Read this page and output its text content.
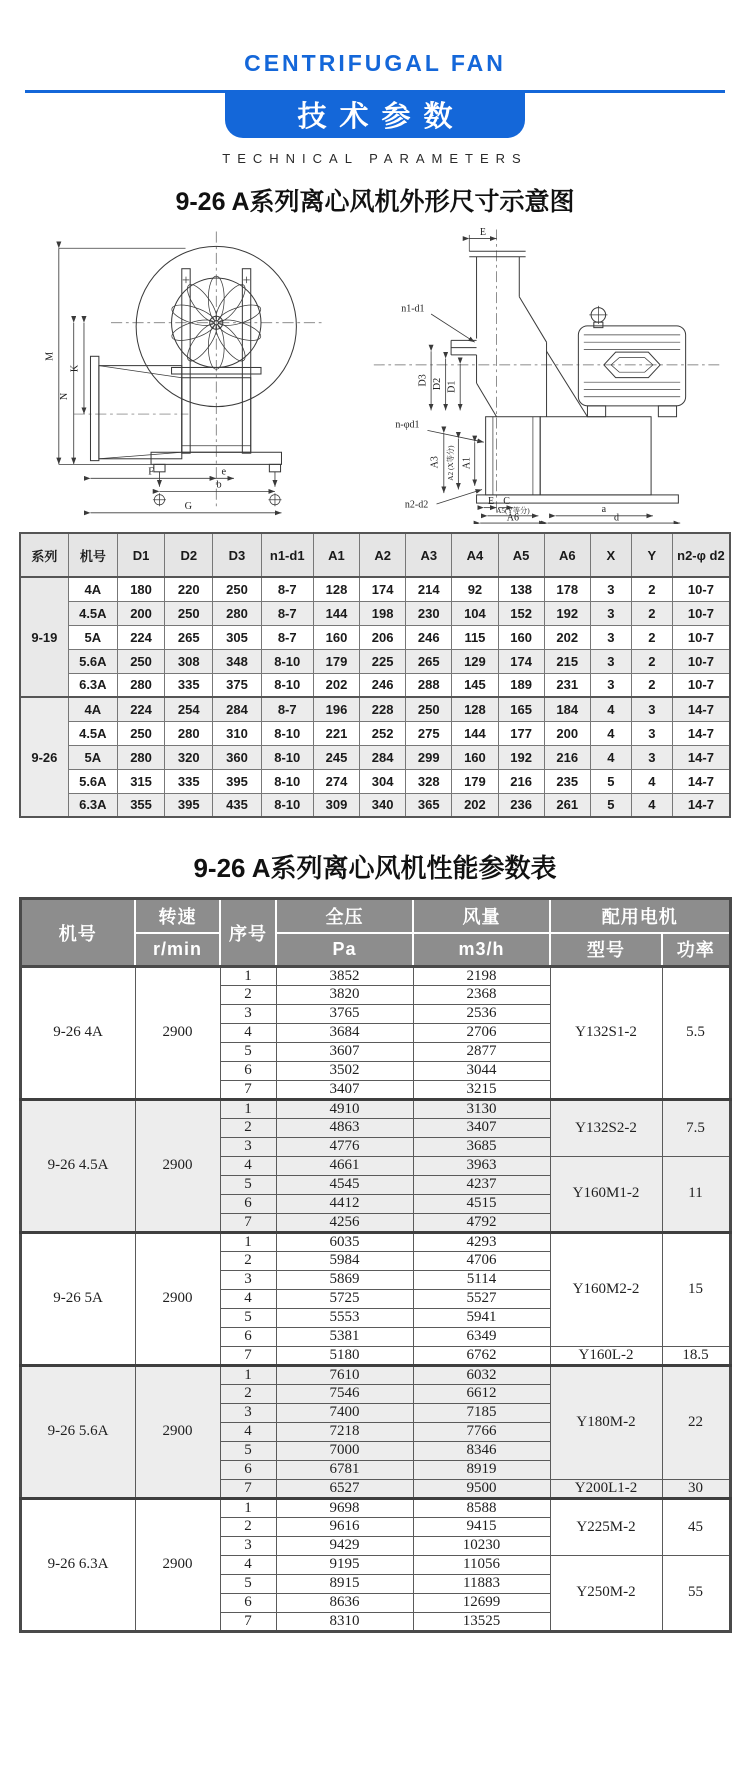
CENTRIFUGAL FAN
技术参数
TECHNICAL PARAMETERS
9-26 A系列离心风机外形尺寸示意图
M
N
K
F	e
b
G
E
n1-d1
n-φd1
D3 D2 D1
A3 A2 (X等分) A1
n2-d2	E C
A5(Y等分)
A6
a
d
系列	机号	D1	D2	D3	n1-d1	A1	A2	A3	A4	A5	A6	X	Y	n2-φ d2
9-19	4A	180	220	250	8-7	128	174	214	92	138	178	3	2	10-7
	4.5A	200	250	280	8-7	144	198	230	104	152	192	3	2	10-7
	5A	224	265	305	8-7	160	206	246	115	160	202	3	2	10-7
	5.6A	250	308	348	8-10	179	225	265	129	174	215	3	2	10-7
	6.3A	280	335	375	8-10	202	246	288	145	189	231	3	2	10-7
9-26	4A	224	254	284	8-7	196	228	250	128	165	184	4	3	14-7
	4.5A	250	280	310	8-10	221	252	275	144	177	200	4	3	14-7
	5A	280	320	360	8-10	245	284	299	160	192	216	4	3	14-7
	5.6A	315	335	395	8-10	274	304	328	179	216	235	5	4	14-7
	6.3A	355	395	435	8-10	309	340	365	202	236	261	5	4	14-7
9-26 A系列离心风机性能参数表
机号	转速	序号	全压	风量	配用电机	
	r/min		Pa	m3/h	型号	功率
9-26 4A	2900	1	3852	2198	Y132S1-2	5.5
		2	3820	2368		
		3	3765	2536		
		4	3684	2706		
		5	3607	2877		
		6	3502	3044		
		7	3407	3215		
9-26 4.5A	2900	1	4910	3130	Y132S2-2	7.5
		2	4863	3407		
		3	4776	3685		
		4	4661	3963	Y160M1-2	11
		5	4545	4237		
		6	4412	4515		
		7	4256	4792		
9-26 5A	2900	1	6035	4293	Y160M2-2	15
		2	5984	4706		
		3	5869	5114		
		4	5725	5527		
		5	5553	5941		
		6	5381	6349		
		7	5180	6762	Y160L-2	18.5
9-26 5.6A	2900	1	7610	6032	Y180M-2	22
		2	7546	6612		
		3	7400	7185		
		4	7218	7766		
		5	7000	8346		
		6	6781	8919		
		7	6527	9500	Y200L1-2	30
9-26 6.3A	2900	1	9698	8588	Y225M-2	45
		2	9616	9415		
		3	9429	10230		
		4	9195	11056	Y250M-2	55
		5	8915	11883		
		6	8636	12699		
		7	8310	13525		
